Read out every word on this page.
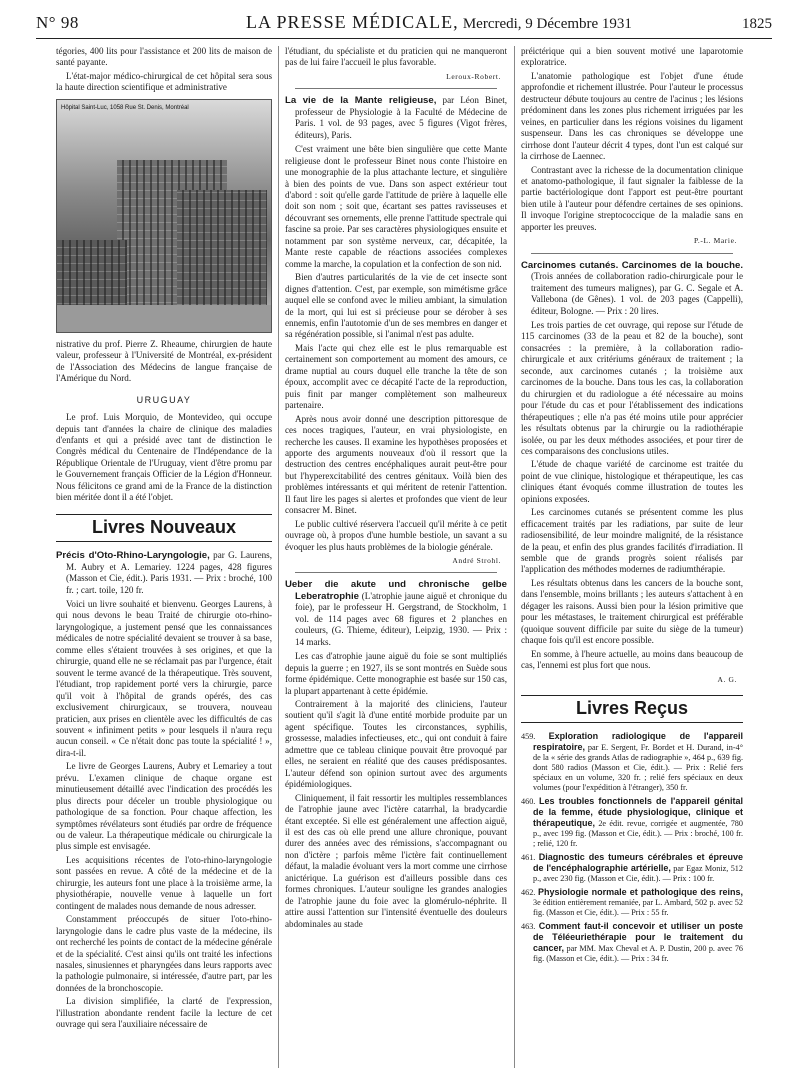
N° 98	LA PRESSE MÉDICALE, Mercredi, 9 Décembre 1931	1825

tégories, 400 lits pour l'assistance et 200 lits de maison de santé payante.

L'état-major médico-chirurgical de cet hôpital sera sous la haute direction scientifique et administrative

Hôpital Saint-Luc, 1058 Rue St. Denis, Montréal

nistrative du prof. Pierre Z. Rheaume, chirurgien de haute valeur, professeur à l'Université de Montréal, ex-président de l'Association des Médecins de langue française de l'Amérique du Nord.

URUGUAY

Le prof. Luis Morquio, de Montevideo, qui occupe depuis tant d'années la chaire de clinique des maladies d'enfants et qui a présidé avec tant de distinction le Congrès médical du Centenaire de l'Indépendance de la République Orientale de l'Uruguay, vient d'être promu par le Gouvernement français Officier de la Légion d'Honneur. Nous félicitons ce grand ami de la France de la distinction bien méritée dont il a été l'objet.

Livres Nouveaux

Précis d'Oto-Rhino-Laryngologie, par G. Laurens, M. Aubry et A. Lemariey. 1224 pages, 428 figures (Masson et Cie, édit.). Paris 1931. — Prix : broché, 100 fr. ; cart. toile, 120 fr.

Voici un livre souhaité et bienvenu. Georges Laurens, à qui nous devons le beau Traité de chirurgie oto-rhino-laryngologique, a justement pensé que les connaissances médicales de notre spécialité devaient se trouver à sa base, comme elles s'étaient trouvées à ses origines, et que la chirurgie, quand elle ne se réclamait pas par l'urgence, était souvent le terme avancé de la thérapeutique. Très souvent, l'étudiant, trop rapidement porté vers la chirurgie, parce qu'il voit à l'hôpital de grands opérés, des cas exclusivement chirurgicaux, se trouvera, nouveau praticien, aux prises en clientèle avec les difficultés de cas souvent « infiniment petits » pour lesquels il n'aura reçu aucun conseil. « Ce n'était donc pas toute la spécialité ! », dira-t-il.

Le livre de Georges Laurens, Aubry et Lemariey a tout prévu. L'examen clinique de chaque organe est minutieusement détaillé avec l'indication des procédés les plus directs pour déceler un trouble physiologique ou pathologique de sa fonction. Pour chaque affection, les symptômes révélateurs sont étudiés par ordre de fréquence ou de valeur. La thérapeutique médicale ou chirurgicale la plus simple est envisagée.

Les acquisitions récentes de l'oto-rhino-laryngologie sont passées en revue. A côté de la médecine et de la chirurgie, les auteurs font une place à la troisième arme, la physiothérapie, nouvelle venue à laquelle un fort contingent de malades nous demande de nous adresser.

Constamment préoccupés de situer l'oto-rhino-laryngologie dans le cadre plus vaste de la médecine, ils ont recherché les points de contact de la médecine générale et de la spécialité. C'est ainsi qu'ils ont traité les infections nasales, sinusiennes et pharyngées dans leurs rapports avec la pathologie pulmonaire, si intéressée, d'autre part, par les données de la bronchoscopie.

La division simplifiée, la clarté de l'expression, l'illustration abondante rendent facile la lecture de cet ouvrage qui sera l'auxiliaire nécessaire de

l'étudiant, du spécialiste et du praticien qui ne manqueront pas de lui faire l'accueil le plus favorable.

Leroux-Robert.

La vie de la Mante religieuse, par Léon Binet, professeur de Physiologie à la Faculté de Médecine de Paris. 1 vol. de 93 pages, avec 5 figures (Vigot frères, éditeurs), Paris.

C'est vraiment une bête bien singulière que cette Mante religieuse dont le professeur Binet nous conte l'histoire en une monographie de la plus attachante lecture, et singulière à bien des points de vue. Dans son aspect extérieur tout d'abord : soit qu'elle garde l'attitude de prière à laquelle elle doit son nom ; soit que, écartant ses pattes ravisseuses et découvrant ses ornements, elle prenne l'attitude spectrale qui fascine sa proie. Par ses caractères physiologiques ensuite et notamment par son système nerveux, car, décapitée, la Mante reste capable de réactions associées complexes comme la marche, la copulation et la confection de son nid.

Bien d'autres particularités de la vie de cet insecte sont dignes d'attention. C'est, par exemple, son mimétisme grâce auquel elle se confond avec le milieu ambiant, la simulation de la mort, qui lui est si précieuse pour se dérober à ses ennemis, enfin l'autotomie d'un de ses membres en danger et sa régénération possible, si l'animal n'est pas adulte.

Mais l'acte qui chez elle est le plus remarquable est certainement son comportement au moment des amours, ce drame nuptial au cours duquel elle tranche la tête de son époux, accomplit avec ce décapité l'acte de la reproduction, puis finit par manger complètement son malheureux partenaire.

Après nous avoir donné une description pittoresque de ces noces tragiques, l'auteur, en vrai physiologiste, en recherche les causes. Il examine les hypothèses proposées et apporte des arguments nouveaux d'où il ressort que la destruction des centres encéphaliques aurait peut-être pour but l'hyperexcitabilité des centres génitaux. Voilà bien des problèmes intéressants et qui méritent de retenir l'attention. Il faut lire les pages si alertes et profondes que vient de leur consacrer M. Binet.

Le public cultivé réservera l'accueil qu'il mérite à ce petit ouvrage où, à propos d'une humble bestiole, un savant a su évoquer les plus hauts problèmes de la biologie générale.

André Strohl.

Ueber die akute und chronische gelbe Leberatrophie (L'atrophie jaune aiguë et chronique du foie), par le professeur H. Gergstrand, de Stockholm, 1 vol. de 114 pages avec 68 figures et 2 planches en couleurs, (G. Thieme, éditeur), Leipzig, 1930. — Prix : 14 marks.

Les cas d'atrophie jaune aiguë du foie se sont multipliés depuis la guerre ; en 1927, ils se sont montrés en Suède sous forme épidémique. Cette monographie est basée sur 150 cas, la plupart appartenant à cette épidémie.

Contrairement à la majorité des cliniciens, l'auteur soutient qu'il s'agit là d'une entité morbide produite par un agent spécifique. Toutes les circonstances, syphilis, grossesse, maladies infectieuses, etc., qui ont conduit à faire admettre que ce tableau clinique pouvait être provoqué par elles, ne seraient en réalité que des causes prédisposantes. L'auteur défend son opinion surtout avec des arguments épidémiologiques.

Cliniquement, il fait ressortir les multiples ressemblances de l'atrophie jaune avec l'ictère catarrhal, la bradycardie étant exceptée. Si elle est généralement une affection aiguë, il est des cas où elle prend une allure chronique, pouvant durer des années avec des rémissions, s'accompagnant ou non d'ictère ; parfois même l'ictère fait continuellement défaut, la maladie évoluant vers la mort comme une cirrhose anictérique. La guérison est d'ailleurs possible dans ces formes chroniques. L'auteur souligne les grandes analogies de l'atrophie jaune du foie avec la glomérulo-néphrite. Il attire aussi l'attention sur l'intensité éventuelle des douleurs abdominales au stade

préictérique qui a bien souvent motivé une laparotomie exploratrice.

L'anatomie pathologique est l'objet d'une étude approfondie et richement illustrée. Pour l'auteur le processus destructeur débute toujours au centre de l'acinus ; les lésions prédominent dans les zones plus richement irriguées par les veines, en particulier dans les régions voisines du ligament suspenseur. Dans les cas chroniques se développe une cirrhose dont l'auteur décrit 4 types, dont l'un est calqué sur la cirrhose de Laennec.

Contrastant avec la richesse de la documentation clinique et anatomo-pathologique, il faut signaler la faiblesse de la partie bactériologique dont l'apport est peut-être pourtant bien utile à l'auteur pour défendre certaines de ses opinions. Il invoque l'origine streptococcique de la maladie sans en apporter les preuves.

P.-L. Marie.

Carcinomes cutanés. Carcinomes de la bouche. (Trois années de collaboration radio-chirurgicale pour le traitement des tumeurs malignes), par G. C. Segale et A. Vallebona (de Gênes). 1 vol. de 203 pages (Cappelli), éditeur, Bologne. — Prix : 20 lires.

Les trois parties de cet ouvrage, qui repose sur l'étude de 115 carcinomes (33 de la peau et 82 de la bouche), sont consacrées : la première, à la collaboration radio-chirurgicale et aux critériums généraux de traitement ; la seconde, aux carcinomes cutanés ; la troisième aux carcinomes de la bouche. Dans tous les cas, la collaboration du chirurgien et du radiologue a été nécessaire au moins pour l'étude du cas et pour l'établissement des indications thérapeutiques ; elle n'a pas été moins utile pour apprécier les résultats obtenus par la chirurgie ou la radiothérapie isolée, ou par les deux méthodes associées, et pour tirer de ces comparaisons des conclusions utiles.

L'étude de chaque variété de carcinome est traitée du point de vue clinique, histologique et thérapeutique, les cas cliniques étant évoqués comme illustration de toutes les opinions exposées.

Les carcinomes cutanés se présentent comme les plus efficacement traités par les radiations, par suite de leur radiosensibilité, de leur moindre malignité, de la résistance de la peau, et enfin des plus grandes facilités d'irradiation. Il semble que de grands progrès soient réalisés par l'application des méthodes modernes de radiumthérapie.

Les résultats obtenus dans les cancers de la bouche sont, dans l'ensemble, moins brillants ; les auteurs s'attachent à en dégager les raisons. Aussi bien pour la lésion primitive que pour les métastases, le traitement chirurgical est préférable (quoique souvent difficile par suite du siège de la tumeur) chaque fois qu'il est encore possible.

En somme, à l'heure actuelle, au moins dans beaucoup de cas, l'ennemi est plus fort que nous.

A. G.
Livres Reçus

459. Exploration radiologique de l'appareil respiratoire, par E. Sergent, Fr. Bordet et H. Durand, in-4° de la « série des grands Atlas de radiographie », 464 p., 639 fig. dont 580 radios (Masson et Cie, édit.). — Prix : Relié fers spéciaux en un volume, 320 fr. ; relié fers spéciaux en deux volumes (pour l'expédition à l'étranger), 350 fr.

460. Les troubles fonctionnels de l'appareil génital de la femme, étude physiologique, clinique et thérapeutique, 2e édit. revue, corrigée et augmentée, 780 p., avec 199 fig. (Masson et Cie, édit.). — Prix : broché, 100 fr. ; relié, 120 fr.

461. Diagnostic des tumeurs cérébrales et épreuve de l'encéphalographie artérielle, par Egaz Moniz, 512 p., avec 230 fig. (Masson et Cie, édit.). — Prix : 100 fr.

462. Physiologie normale et pathologique des reins, 3e édition entièrement remaniée, par L. Ambard, 502 p. avec 52 fig. (Masson et Cie, édit.). — Prix : 55 fr.

463. Comment faut-il concevoir et utiliser un poste de Téléeuriethérapie pour le traitement du cancer, par MM. Max Cheval et A. P. Dustin, 200 p. avec 76 fig. (Masson et Cie, édit.). — Prix : 34 fr.
